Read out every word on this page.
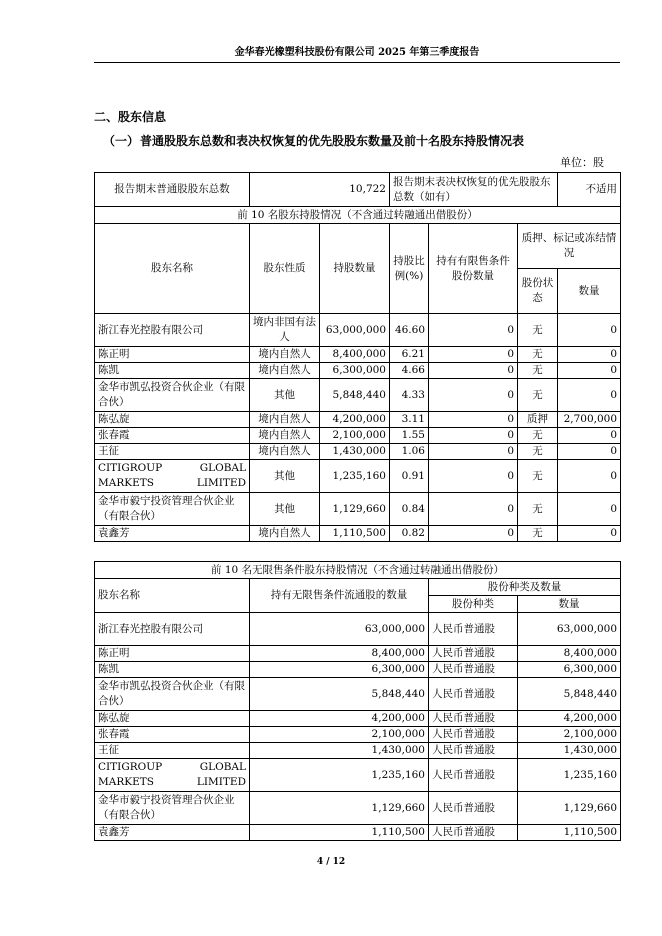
金华春光橡塑科技股份有限公司 2025 年第三季度报告
二、股东信息
（一）普通股股东总数和表决权恢复的优先股股东数量及前十名股东持股情况表
单位：股
报告期末普通股股东总数	10,722		报告期末表决权恢复的优先股股东总数（如有）			不适用
前 10 名股东持股情况（不含通过转融通出借股份）						
股东名称	股东性质	持股数量	持股比例(%)	持有有限售条件股份数量	质押、标记或冻结情况	
					股份状态	数量
浙江春光控股有限公司	境内非国有法人	63,000,000	46.60	0	无	0
陈正明	境内自然人	8,400,000	6.21	0	无	0
陈凯	境内自然人	6,300,000	4.66	0	无	0
金华市凯弘投资合伙企业（有限合伙）	其他	5,848,440	4.33	0	无	0
陈弘旋	境内自然人	4,200,000	3.11	0	质押	2,700,000
张春霞	境内自然人	2,100,000	1.55	0	无	0
王征	境内自然人	1,430,000	1.06	0	无	0
CITIGROUP GLOBAL MARKETS LIMITED	其他	1,235,160	0.91	0	无	0
金华市毅宁投资管理合伙企业（有限合伙）	其他	1,129,660	0.84	0	无	0
袁鑫芳	境内自然人	1,110,500	0.82	0	无	0
前 10 名无限售条件股东持股情况（不含通过转融通出借股份）			
股东名称	持有无限售条件流通股的数量	股份种类及数量	
		股份种类	数量
浙江春光控股有限公司	63,000,000	人民币普通股	63,000,000
陈正明	8,400,000	人民币普通股	8,400,000
陈凯	6,300,000	人民币普通股	6,300,000
金华市凯弘投资合伙企业（有限合伙）	5,848,440	人民币普通股	5,848,440
陈弘旋	4,200,000	人民币普通股	4,200,000
张春霞	2,100,000	人民币普通股	2,100,000
王征	1,430,000	人民币普通股	1,430,000
CITIGROUP GLOBAL MARKETS LIMITED	1,235,160	人民币普通股	1,235,160
金华市毅宁投资管理合伙企业（有限合伙）	1,129,660	人民币普通股	1,129,660
袁鑫芳	1,110,500	人民币普通股	1,110,500
4 / 12
